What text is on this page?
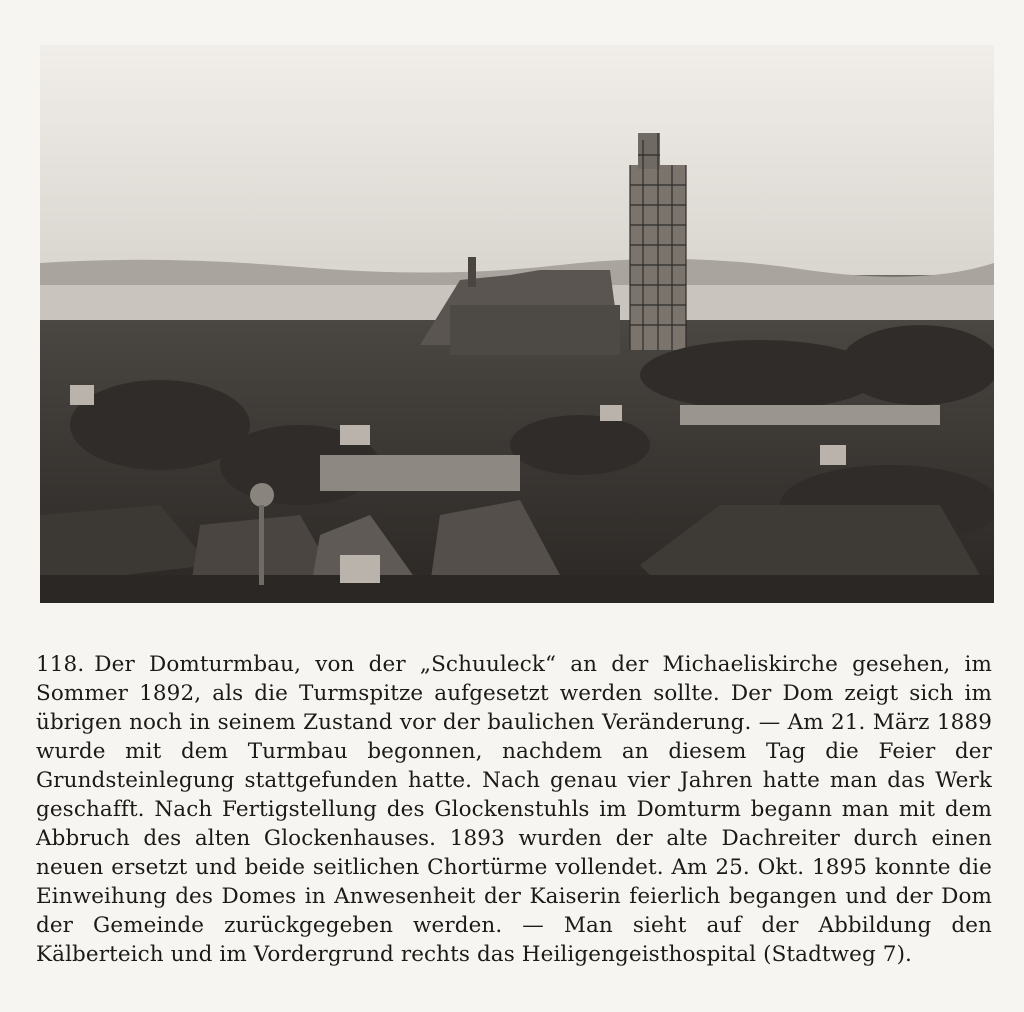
118. Der Domturmbau, von der „Schuuleck“ an der Michaeliskirche gesehen, im Sommer 1892, als die Turmspitze aufgesetzt werden sollte. Der Dom zeigt sich im übrigen noch in seinem Zustand vor der baulichen Veränderung. — Am 21. März 1889 wurde mit dem Turmbau begonnen, nachdem an diesem Tag die Feier der Grundsteinlegung stattgefunden hatte. Nach genau vier Jahren hatte man das Werk geschafft. Nach Fertigstellung des Glockenstuhls im Domturm begann man mit dem Abbruch des alten Glockenhauses. 1893 wurden der alte Dachreiter durch einen neuen ersetzt und beide seitlichen Chortürme vollendet. Am 25. Okt. 1895 konnte die Einweihung des Domes in Anwesenheit der Kaiserin feierlich begangen und der Dom der Gemeinde zurückgegeben werden. — Man sieht auf der Abbildung den Kälberteich und im Vordergrund rechts das Heiligengeisthospital (Stadtweg 7).
